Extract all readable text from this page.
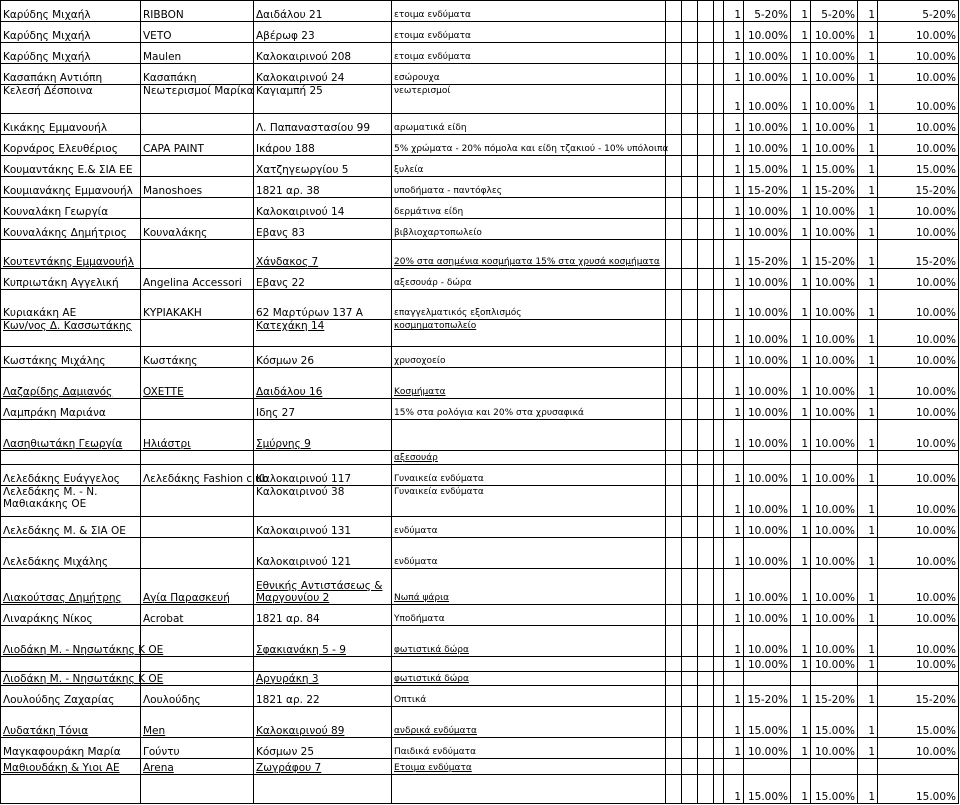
Καρύδης Μιχαήλ	RIBBON	Δαιδάλου 21	ετοιμα ενδύματα					1	5-20%	1	5-20%	1	5-20%
Καρύδης Μιχαήλ	VETO	Αβέρωφ 23	ετοιμα ενδύματα					1	10.00%	1	10.00%	1	10.00%
Καρύδης Μιχαήλ	Maulen	Καλοκαιρινού 208	ετοιμα ενδύματα					1	10.00%	1	10.00%	1	10.00%
Κασαπάκη Αντιόπη	Κασαπάκη	Καλοκαιρινού 24	εσώρουχα					1	10.00%	1	10.00%	1	10.00%
Κελεσή Δέσποινα	Νεωτερισμοί Μαρίκα	Καγιαμπή 25	νεωτερισμοί					1	10.00%	1	10.00%	1	10.00%
Κικάκης Εμμανουήλ		Λ. Παπαναστασίου 99	αρωματικά είδη					1	10.00%	1	10.00%	1	10.00%
Κορνάρος Ελευθέριος	CAPA PAINT	Ικάρου 188	5% χρώματα - 20% πόμολα και είδη τζακιού - 10% υπόλοιπα					1	10.00%	1	10.00%	1	10.00%
Κουμαντάκης Ε.& ΣΙΑ ΕΕ		Χατζηγεωργίου 5	ξυλεία					1	15.00%	1	15.00%	1	15.00%
Κουμιανάκης Εμμανουήλ	Manoshoes	1821 αρ. 38	υποδήματα - παντόφλες					1	15-20%	1	15-20%	1	15-20%
Κουναλάκη Γεωργία		Καλοκαιρινού 14	δερμάτινα είδη					1	10.00%	1	10.00%	1	10.00%
Κουναλάκης Δημήτριος	Κουναλάκης	Εβανς 83	βιβλιοχαρτοπωλείο					1	10.00%	1	10.00%	1	10.00%
Κουτεντάκης Εμμανουήλ		Χάνδακος 7	20% στα ασημένια κοσμήματα 15% στα χρυσά κοσμήματα					1	15-20%	1	15-20%	1	15-20%
Κυπριωτάκη Αγγελική	Angelina Accessori	Εβανς 22	αξεσουάρ - δώρα					1	10.00%	1	10.00%	1	10.00%
Κυριακάκη ΑΕ	ΚΥΡΙΑΚΑΚΗ	62 Μαρτύρων 137 Α	επαγγελματικός εξοπλισμός					1	10.00%	1	10.00%	1	10.00%
Κων/νος Δ. Κασσωτάκης		Κατεχάκη 14	κοσμηματοπωλείο					1	10.00%	1	10.00%	1	10.00%
Κωστάκης Μιχάλης	Κωστάκης	Κόσμων 26	χρυσοχοείο					1	10.00%	1	10.00%	1	10.00%
Λαζαρίδης Δαμιανός	OXETTE	Δαιδάλου 16	Κοσμήματα					1	10.00%	1	10.00%	1	10.00%
Λαμπράκη Μαριάνα		Ιδης 27	15% στα ρολόγια και 20% στα χρυσαφικά					1	10.00%	1	10.00%	1	10.00%
Λασηθιωτάκη Γεωργία	Ηλιάστρι	Σμύρνης 9						1	10.00%	1	10.00%	1	10.00%
			αξεσουάρ										
Λελεδάκης Ευάγγελος	Λελεδάκης Fashion club	Καλοκαιρινού 117	Γυναικεία ενδύματα					1	10.00%	1	10.00%	1	10.00%
Λελεδάκης Μ. - Ν. Μαθιακάκης ΟΕ		Καλοκαιρινού 38	Γυναικεία ενδύματα					1	10.00%	1	10.00%	1	10.00%
Λελεδάκης Μ. & ΣΙΑ ΟΕ		Καλοκαιρινού 131	ενδύματα					1	10.00%	1	10.00%	1	10.00%
Λελεδάκης Μιχάλης		Καλοκαιρινού 121	ενδύματα					1	10.00%	1	10.00%	1	10.00%
Λιακούτσας Δημήτρης	Αγία Παρασκευή	Εθνικής Αντιστάσεως & Μαργουνίου 2	Νωπά ψάρια					1	10.00%	1	10.00%	1	10.00%
Λιναράκης Νίκος	Acrobat	1821 αρ. 84	Υποδήματα					1	10.00%	1	10.00%	1	10.00%
Λιοδάκη Μ. - Νησωτάκης Κ ΟΕ		Σφακιανάκη 5 - 9	φωτιστικά δώρα					1	10.00%	1	10.00%	1	10.00%
								1	10.00%	1	10.00%	1	10.00%
Λιοδάκη Μ. - Νησωτάκης Κ ΟΕ		Αργυράκη 3	φωτιστικά δώρα										
Λουλούδης Ζαχαρίας	Λουλούδης	1821 αρ. 22	Οπτικά					1	15-20%	1	15-20%	1	15-20%
Λυδατάκη Τόνια	Men	Καλοκαιρινού 89	ανδρικά ενδύματα					1	15.00%	1	15.00%	1	15.00%
Μαγκαφουράκη Μαρία	Γούντυ	Κόσμων 25	Παιδικά ενδύματα					1	10.00%	1	10.00%	1	10.00%
Μαθιουδάκη & Υιοι ΑΕ	Arena	Ζωγράφου 7	Ετοιμα ενδύματα										
								1	15.00%	1	15.00%	1	15.00%
